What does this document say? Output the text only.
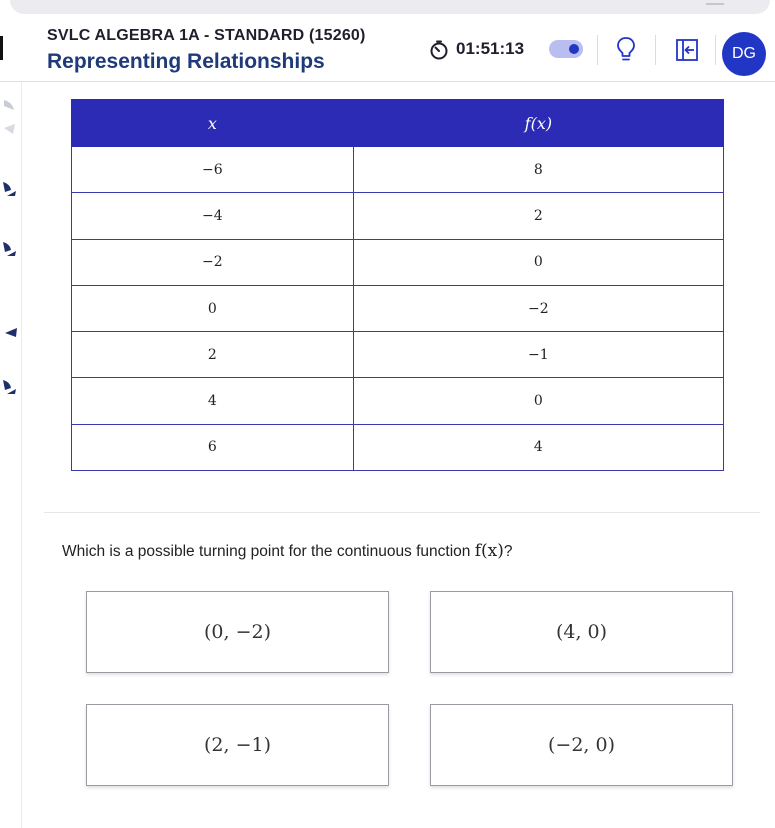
SVLC ALGEBRA 1A - STANDARD (15260)
Representing Relationships
01:51:13	DG
x	f(x)
−6	8
−4	2
−2	0
0	−2
2	−1
4	0
6	4
Which is a possible turning point for the continuous function f(x)?
(0, −2)	(4, 0)
(2, −1)	(−2, 0)
